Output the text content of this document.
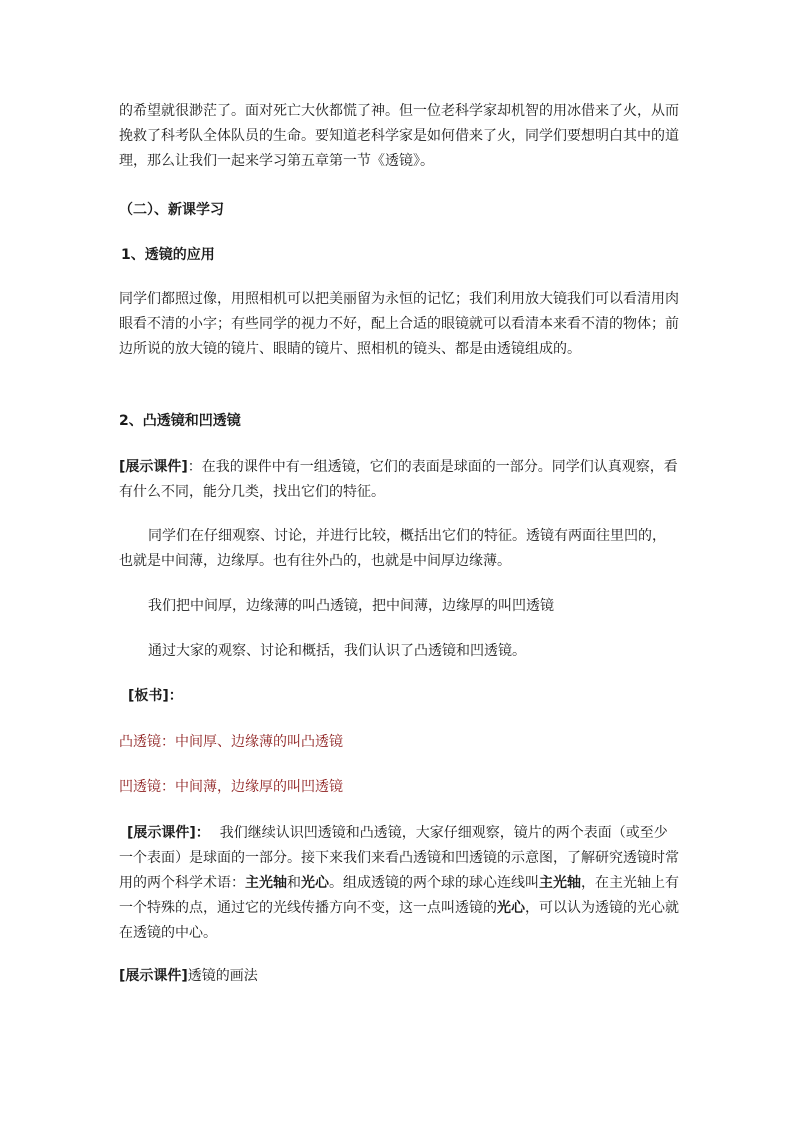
的希望就很渺茫了。面对死亡大伙都慌了神。但一位老科学家却机智的用冰借来了火，从而挽救了科考队全体队员的生命。要知道老科学家是如何借来了火，同学们要想明白其中的道理，那么让我们一起来学习第五章第一节《透镜》。

（二）、新课学习

1、透镜的应用

同学们都照过像，用照相机可以把美丽留为永恒的记忆；我们利用放大镜我们可以看清用肉眼看不清的小字；有些同学的视力不好，配上合适的眼镜就可以看清本来看不清的物体；前边所说的放大镜的镜片、眼睛的镜片、照相机的镜头、都是由透镜组成的。

2、凸透镜和凹透镜

[展示课件]：在我的课件中有一组透镜，它们的表面是球面的一部分。同学们认真观察，看有什么不同，能分几类，找出它们的特征。

同学们在仔细观察、讨论，并进行比较，概括出它们的特征。透镜有两面往里凹的，也就是中间薄，边缘厚。也有往外凸的，也就是中间厚边缘薄。

我们把中间厚，边缘薄的叫凸透镜，把中间薄，边缘厚的叫凹透镜

通过大家的观察、讨论和概括，我们认识了凸透镜和凹透镜。

[板书]：

凸透镜：中间厚、边缘薄的叫凸透镜

凹透镜：中间薄，边缘厚的叫凹透镜

[展示课件]： 我们继续认识凹透镜和凸透镜，大家仔细观察，镜片的两个表面（或至少一个表面）是球面的一部分。接下来我们来看凸透镜和凹透镜的示意图，了解研究透镜时常用的两个科学术语：主光轴和光心。组成透镜的两个球的球心连线叫主光轴，在主光轴上有一个特殊的点，通过它的光线传播方向不变，这一点叫透镜的光心，可以认为透镜的光心就在透镜的中心。

[展示课件]透镜的画法
